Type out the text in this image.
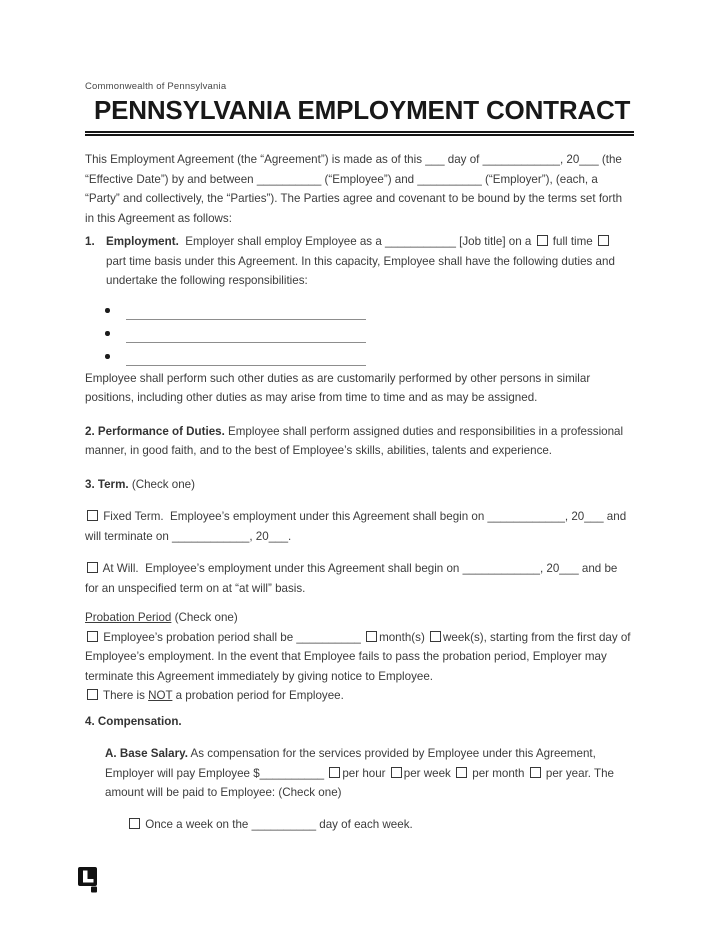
Commonwealth of Pennsylvania
PENNSYLVANIA EMPLOYMENT CONTRACT

This Employment Agreement (the “Agreement”) is made as of this ___ day of ____________, 20___ (the “Effective Date”) by and between __________ (“Employee”) and __________ (“Employer”), (each, a “Party” and collectively, the “Parties”). The Parties agree and covenant to be bound by the terms set forth in this Agreement as follows:

1. Employment.  Employer shall employ Employee as a ___________ [Job title] on a  full time  part time basis under this Agreement. In this capacity, Employee shall have the following duties and undertake the following responsibilities:

Employee shall perform such other duties as are customarily performed by other persons in similar positions, including other duties as may arise from time to time and as may be assigned.

2. Performance of Duties. Employee shall perform assigned duties and responsibilities in a professional manner, in good faith, and to the best of Employee’s skills, abilities, talents and experience.

3. Term. (Check one)

Fixed Term.  Employee’s employment under this Agreement shall begin on ____________, 20___ and will terminate on ____________, 20___.

At Will.  Employee’s employment under this Agreement shall begin on ____________, 20___ and be for an unspecified term on at “at will” basis.

Probation Period (Check one)

Employee’s probation period shall be __________ month(s) week(s), starting from the first day of Employee’s employment. In the event that Employee fails to pass the probation period, Employer may terminate this Agreement immediately by giving notice to Employee.

There is NOT a probation period for Employee.

4. Compensation.

A. Base Salary. As compensation for the services provided by Employee under this Agreement, Employer will pay Employee $__________ per hour per week  per month  per year. The amount will be paid to Employee: (Check one)

Once a week on the __________ day of each week.
